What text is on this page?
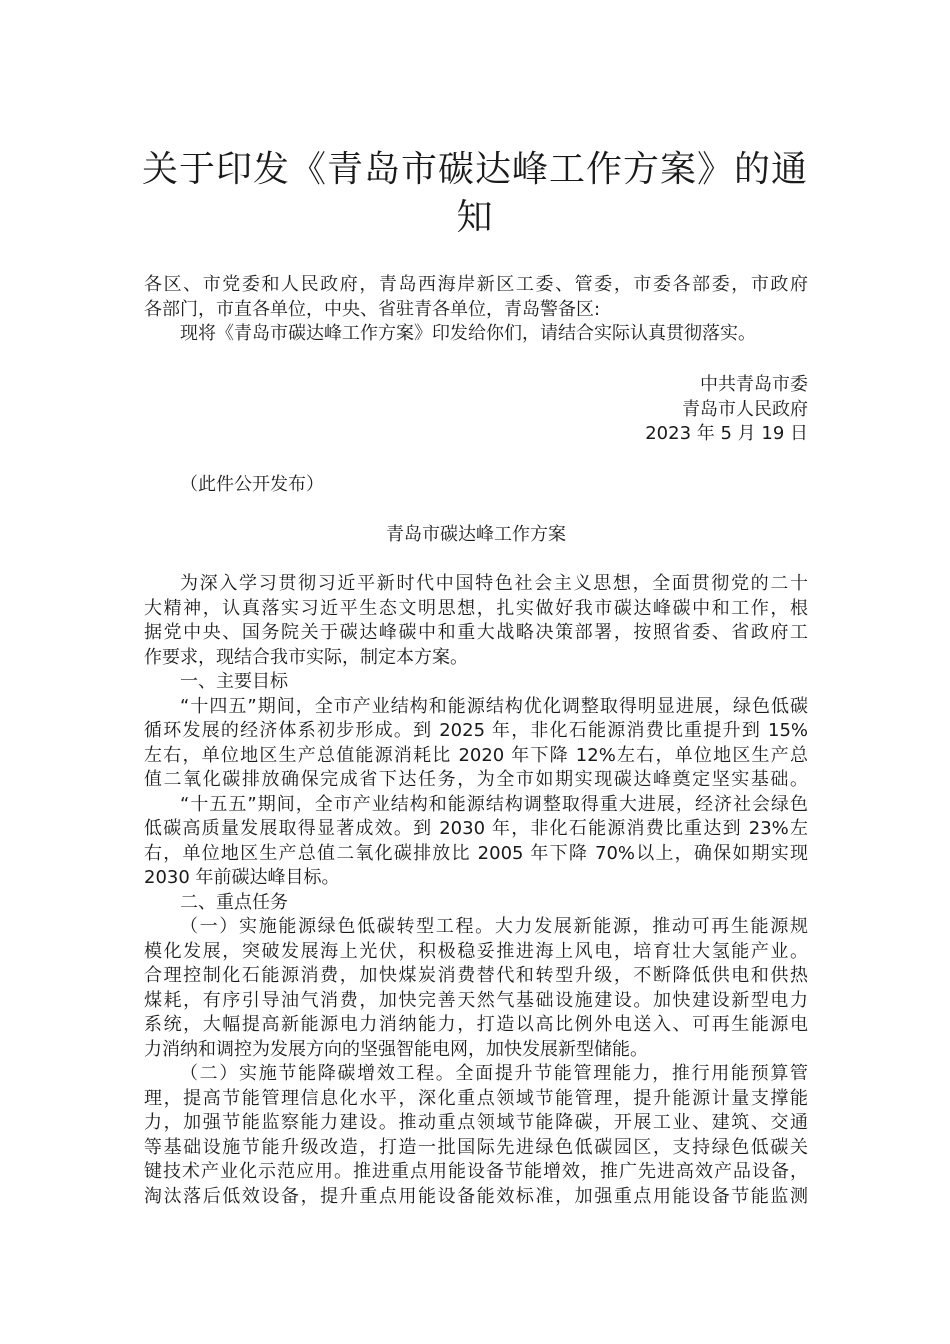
关于印发《青岛市碳达峰工作方案》的通
知
各区、市党委和人民政府，青岛西海岸新区工委、管委，市委各部委，市政府
各部门，市直各单位，中央、省驻青各单位，青岛警备区:
现将《青岛市碳达峰工作方案》印发给你们，请结合实际认真贯彻落实。
中共青岛市委
青岛市人民政府
2023 年 5 月 19 日
（此件公开发布）
青岛市碳达峰工作方案
为深入学习贯彻习近平新时代中国特色社会主义思想，全面贯彻党的二十
大精神，认真落实习近平生态文明思想，扎实做好我市碳达峰碳中和工作，根
据党中央、国务院关于碳达峰碳中和重大战略决策部署，按照省委、省政府工
作要求，现结合我市实际，制定本方案。
一、主要目标
“十四五”期间，全市产业结构和能源结构优化调整取得明显进展，绿色低碳
循环发展的经济体系初步形成。到 2025 年，非化石能源消费比重提升到 15%
左右，单位地区生产总值能源消耗比 2020 年下降 12%左右，单位地区生产总
值二氧化碳排放确保完成省下达任务，为全市如期实现碳达峰奠定坚实基础。
“十五五”期间，全市产业结构和能源结构调整取得重大进展，经济社会绿色
低碳高质量发展取得显著成效。到 2030 年，非化石能源消费比重达到 23%左
右，单位地区生产总值二氧化碳排放比 2005 年下降 70%以上，确保如期实现
2030 年前碳达峰目标。
二、重点任务
（一）实施能源绿色低碳转型工程。大力发展新能源，推动可再生能源规
模化发展，突破发展海上光伏，积极稳妥推进海上风电，培育壮大氢能产业。
合理控制化石能源消费，加快煤炭消费替代和转型升级，不断降低供电和供热
煤耗，有序引导油气消费，加快完善天然气基础设施建设。加快建设新型电力
系统，大幅提高新能源电力消纳能力，打造以高比例外电送入、可再生能源电
力消纳和调控为发展方向的坚强智能电网，加快发展新型储能。
（二）实施节能降碳增效工程。全面提升节能管理能力，推行用能预算管
理，提高节能管理信息化水平，深化重点领域节能管理，提升能源计量支撑能
力，加强节能监察能力建设。推动重点领域节能降碳，开展工业、建筑、交通
等基础设施节能升级改造，打造一批国际先进绿色低碳园区，支持绿色低碳关
键技术产业化示范应用。推进重点用能设备节能增效，推广先进高效产品设备，
淘汰落后低效设备，提升重点用能设备能效标准，加强重点用能设备节能监测
